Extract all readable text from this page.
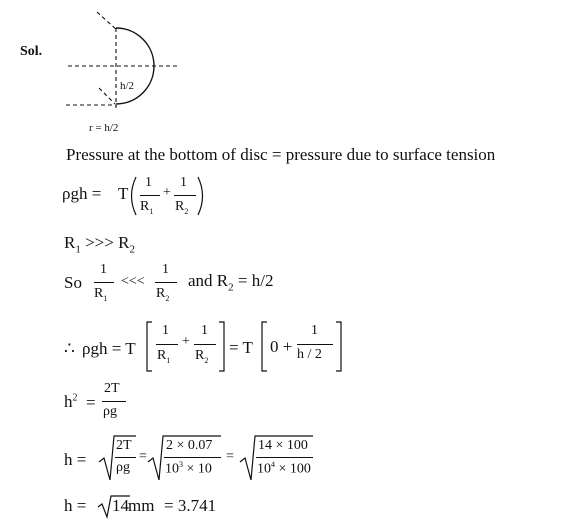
Sol.
h/2
r = h/2
Pressure at the bottom of disc = pressure due to surface tension
ρgh = T
1
$R_1$
+
1
$R_2$
$R_1$ >>> $R_2$
So
1
$R_1$
<<<
1
$R_2$
and $R_2 = h/2$
∴ ρgh = T
1
$R_1$
+
1
$R_2$
= T 0 +
1
h / 2
$h^2$ =
2T
ρg
h =
2T
ρg
=
2 × 0.07
$10^3 \times 10$
=
14 × 100
$10^4 \times 100$
h = 14 mm = 3.741
